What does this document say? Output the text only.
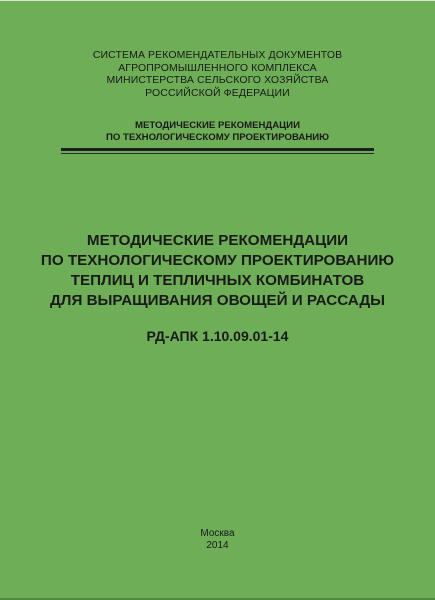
СИСТЕМА РЕКОМЕНДАТЕЛЬНЫХ ДОКУМЕНТОВ
АГРОПРОМЫШЛЕННОГО КОМПЛЕКСА
МИНИСТЕРСТВА СЕЛЬСКОГО ХОЗЯЙСТВА
РОССИЙСКОЙ ФЕДЕРАЦИИ
МЕТОДИЧЕСКИЕ РЕКОМЕНДАЦИИ
ПО ТЕХНОЛОГИЧЕСКОМУ ПРОЕКТИРОВАНИЮ
МЕТОДИЧЕСКИЕ РЕКОМЕНДАЦИИ
ПО ТЕХНОЛОГИЧЕСКОМУ ПРОЕКТИРОВАНИЮ
ТЕПЛИЦ И ТЕПЛИЧНЫХ КОМБИНАТОВ
ДЛЯ ВЫРАЩИВАНИЯ ОВОЩЕЙ И РАССАДЫ
РД-АПК 1.10.09.01-14
Москва
2014
